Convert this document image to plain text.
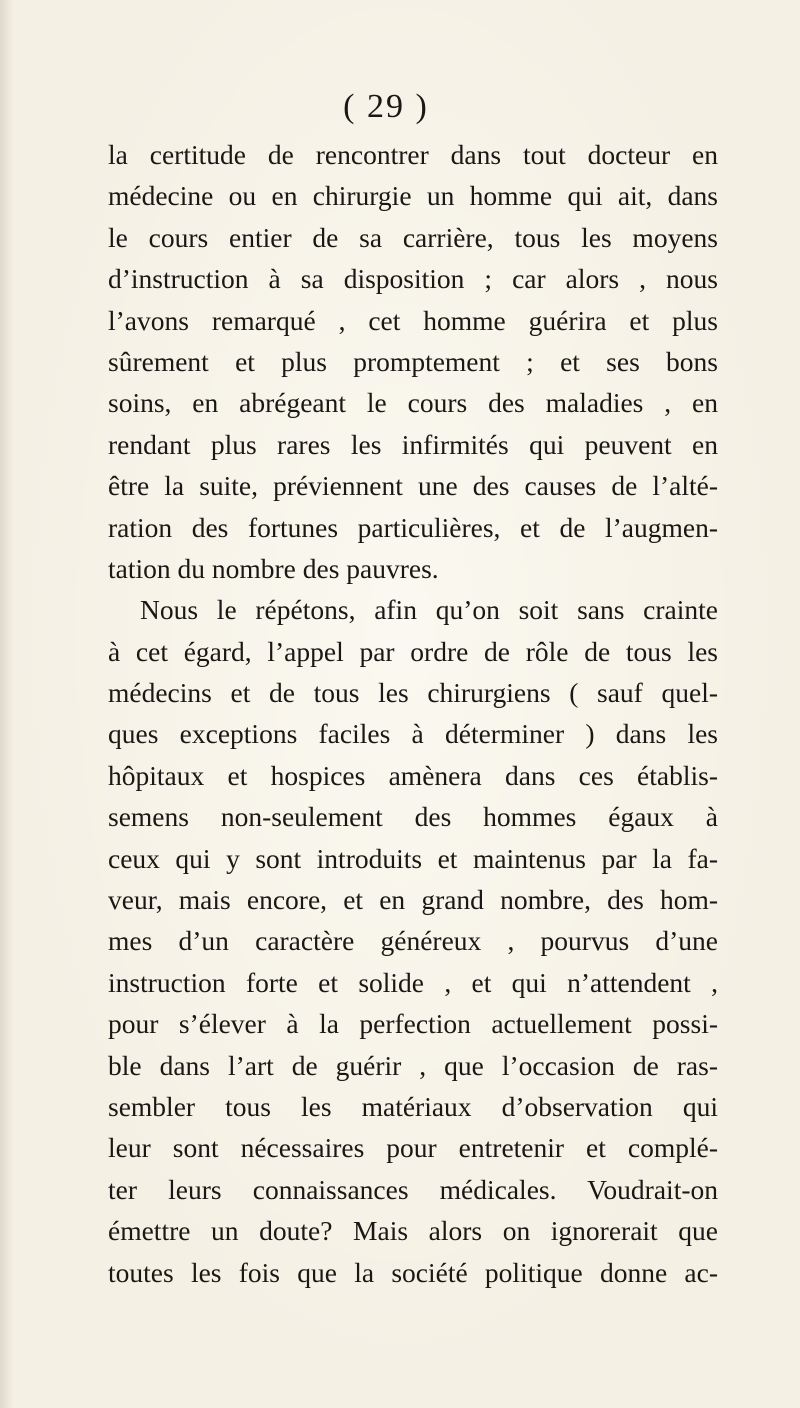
( 29 )
la certitude de rencontrer dans tout docteur en
médecine ou en chirurgie un homme qui ait, dans
le cours entier de sa carrière, tous les moyens
d’instruction à sa disposition ; car alors , nous
l’avons remarqué , cet homme guérira et plus
sûrement et plus promptement ; et ses bons
soins, en abrégeant le cours des maladies , en
rendant plus rares les infirmités qui peuvent en
être la suite, préviennent une des causes de l’alté-
ration des fortunes particulières, et de l’augmen-
tation du nombre des pauvres.
Nous le répétons, afin qu’on soit sans crainte
à cet égard, l’appel par ordre de rôle de tous les
médecins et de tous les chirurgiens ( sauf quel-
ques exceptions faciles à déterminer ) dans les
hôpitaux et hospices amènera dans ces établis-
semens non-seulement des hommes égaux à
ceux qui y sont introduits et maintenus par la fa-
veur, mais encore, et en grand nombre, des hom-
mes d’un caractère généreux , pourvus d’une
instruction forte et solide , et qui n’attendent ,
pour s’élever à la perfection actuellement possi-
ble dans l’art de guérir , que l’occasion de ras-
sembler tous les matériaux d’observation qui
leur sont nécessaires pour entretenir et complé-
ter leurs connaissances médicales. Voudrait-on
émettre un doute? Mais alors on ignorerait que
toutes les fois que la société politique donne ac-
